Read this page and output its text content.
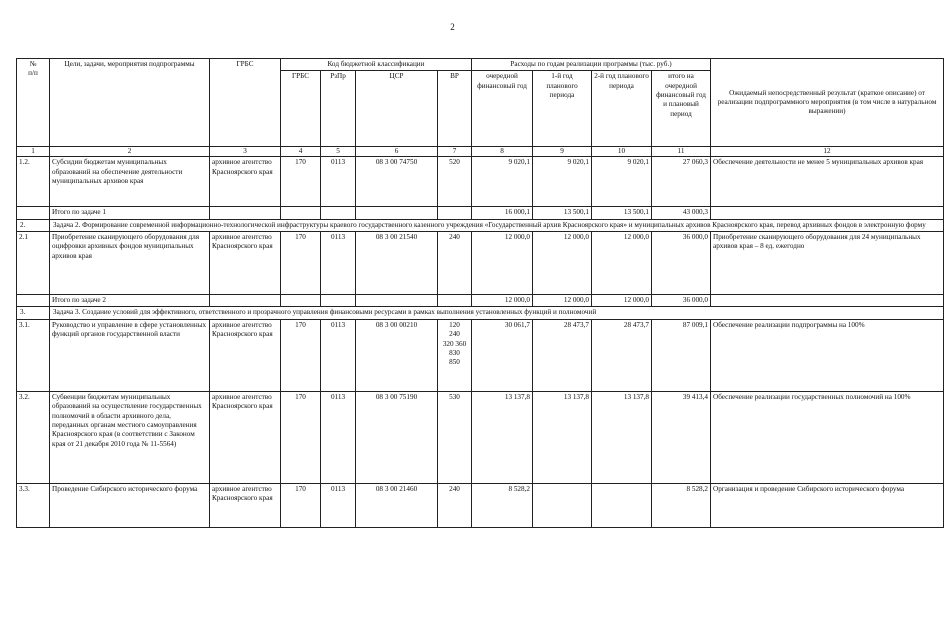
2
№
п/п	Цели, задачи, мероприятия подпрограммы	ГРБС	Код бюджетной классификации				Расходы по годам реализации программы (тыс. руб.)				Ожидаемый непосредственный результат (краткое описание) от реализации подпрограммного мероприятия (в том числе в натуральном выражении)
			ГРБС	РзПр	ЦСР	ВР	очередной финансовый год	1-й год планового периода	2-й год планового периода	итого на очередной финансовый год и плановый период	
1	2	3	4	5	6	7	8	9	10	11	12
1.2.	Субсидии бюджетам муниципальных образований на обеспечение деятельности муниципальных архивов края	архивное агентство Красноярского края	170	0113	08 3 00 74750	520	9 020,1	9 020,1	9 020,1	27 060,3	Обеспечение деятельности не менее 5 муниципальных архивов края
	Итого по задаче 1						16 000,1	13 500,1	13 500,1	43 000,3	
2.	Задача 2. Формирование современной информационно-технологической инфраструктуры краевого государственного казенного учреждения «Государственный архив Красноярского края» и муниципальных архивов Красноярского края, перевод архивных фондов в электронную форму										
2.1	Приобретение сканирующего оборудования для оцифровки архивных фондов муниципальных архивов края	архивное агентство Красноярского края	170	0113	08 3 00 21540	240	12 000,0	12 000,0	12 000,0	36 000,0	Приобретение сканирующего оборудования для 24 муниципальных архивов края – 8 ед. ежегодно
	Итого по задаче 2						12 000,0	12 000,0	12 000,0	36 000,0	
3.	Задача 3. Создание условий для эффективного, ответственного и прозрачного управления финансовыми ресурсами в рамках выполнения установленных функций и полномочий										
3.1.	Руководство и управление в сфере установленных функций органов государственной власти	архивное агентство Красноярского края	170	0113	08 3 00 00210	120
240
320 360
830
850	30 061,7	28 473,7	28 473,7	87 009,1	Обеспечение реализации подпрограммы на 100%
3.2.	Субвенции бюджетам муниципальных образований на осуществление государственных полномочий в области архивного дела, переданных органам местного самоуправления Красноярского края (в соответствии с Законом края от 21 декабря 2010 года № 11-5564)	архивное агентство Красноярского края	170	0113	08 3 00 75190	530	13 137,8	13 137,8	13 137,8	39 413,4	Обеспечение реализации государственных полномочий на 100%
3.3.	Проведение Сибирского исторического форума	архивное агентство Красноярского края	170	0113	08 3 00 21460	240	8 528,2			8 528,2	Организация и проведение Сибирского исторического форума
